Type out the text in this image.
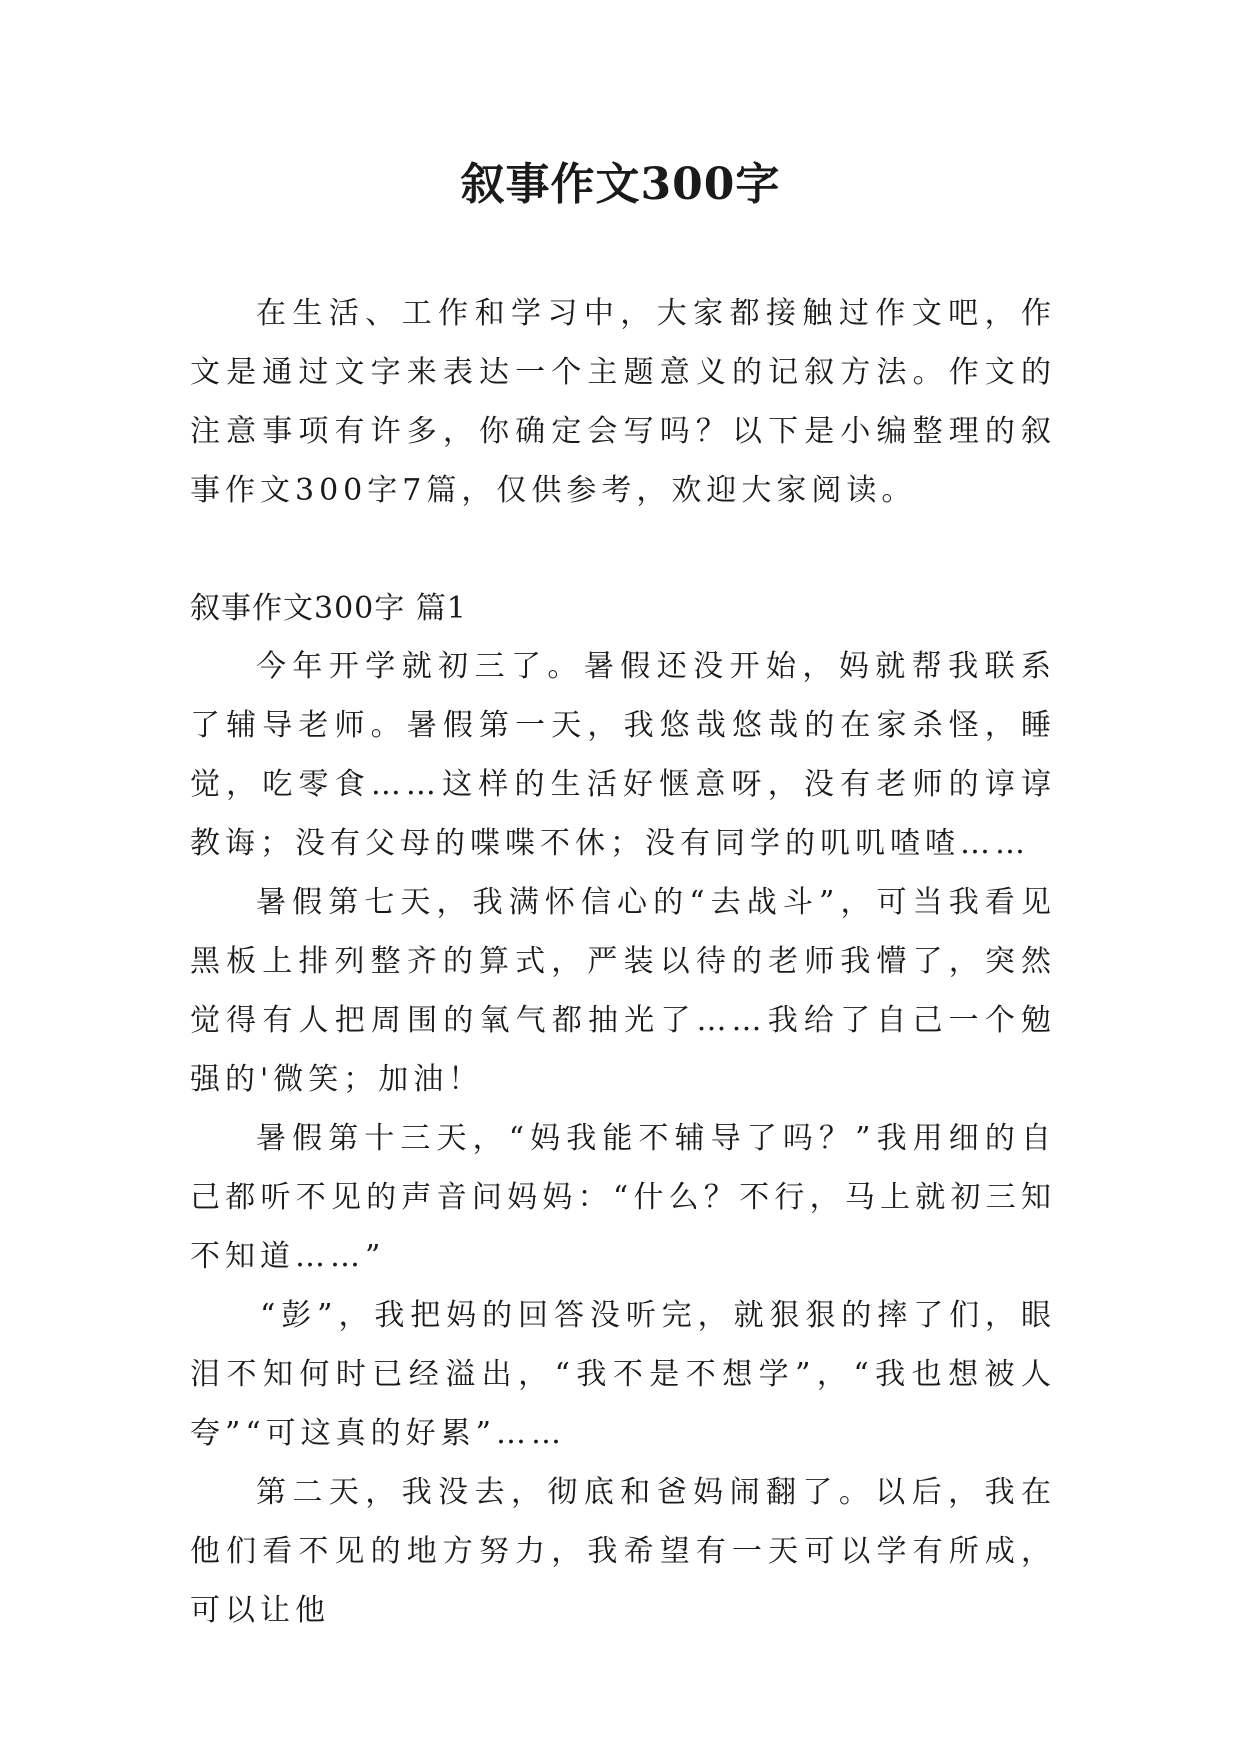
叙事作文300字

在生活、工作和学习中，大家都接触过作文吧，作文是通过文字来表达一个主题意义的记叙方法。作文的注意事项有许多，你确定会写吗？以下是小编整理的叙事作文300字7篇，仅供参考，欢迎大家阅读。

叙事作文300字 篇1

今年开学就初三了。暑假还没开始，妈就帮我联系了辅导老师。暑假第一天，我悠哉悠哉的在家杀怪，睡觉，吃零食……这样的生活好惬意呀，没有老师的谆谆教诲；没有父母的喋喋不休；没有同学的叽叽喳喳……

暑假第七天，我满怀信心的“去战斗”，可当我看见黑板上排列整齐的算式，严装以待的老师我懵了，突然觉得有人把周围的氧气都抽光了……我给了自己一个勉强的'微笑；加油！

暑假第十三天，“妈我能不辅导了吗？”我用细的自己都听不见的声音问妈妈：“什么？不行，马上就初三知不知道……”

“彭”，我把妈的回答没听完，就狠狠的摔了们，眼泪不知何时已经溢出，“我不是不想学”，“我也想被人夸”“可这真的好累”……

第二天，我没去，彻底和爸妈闹翻了。以后，我在他们看不见的地方努力，我希望有一天可以学有所成，可以让他
